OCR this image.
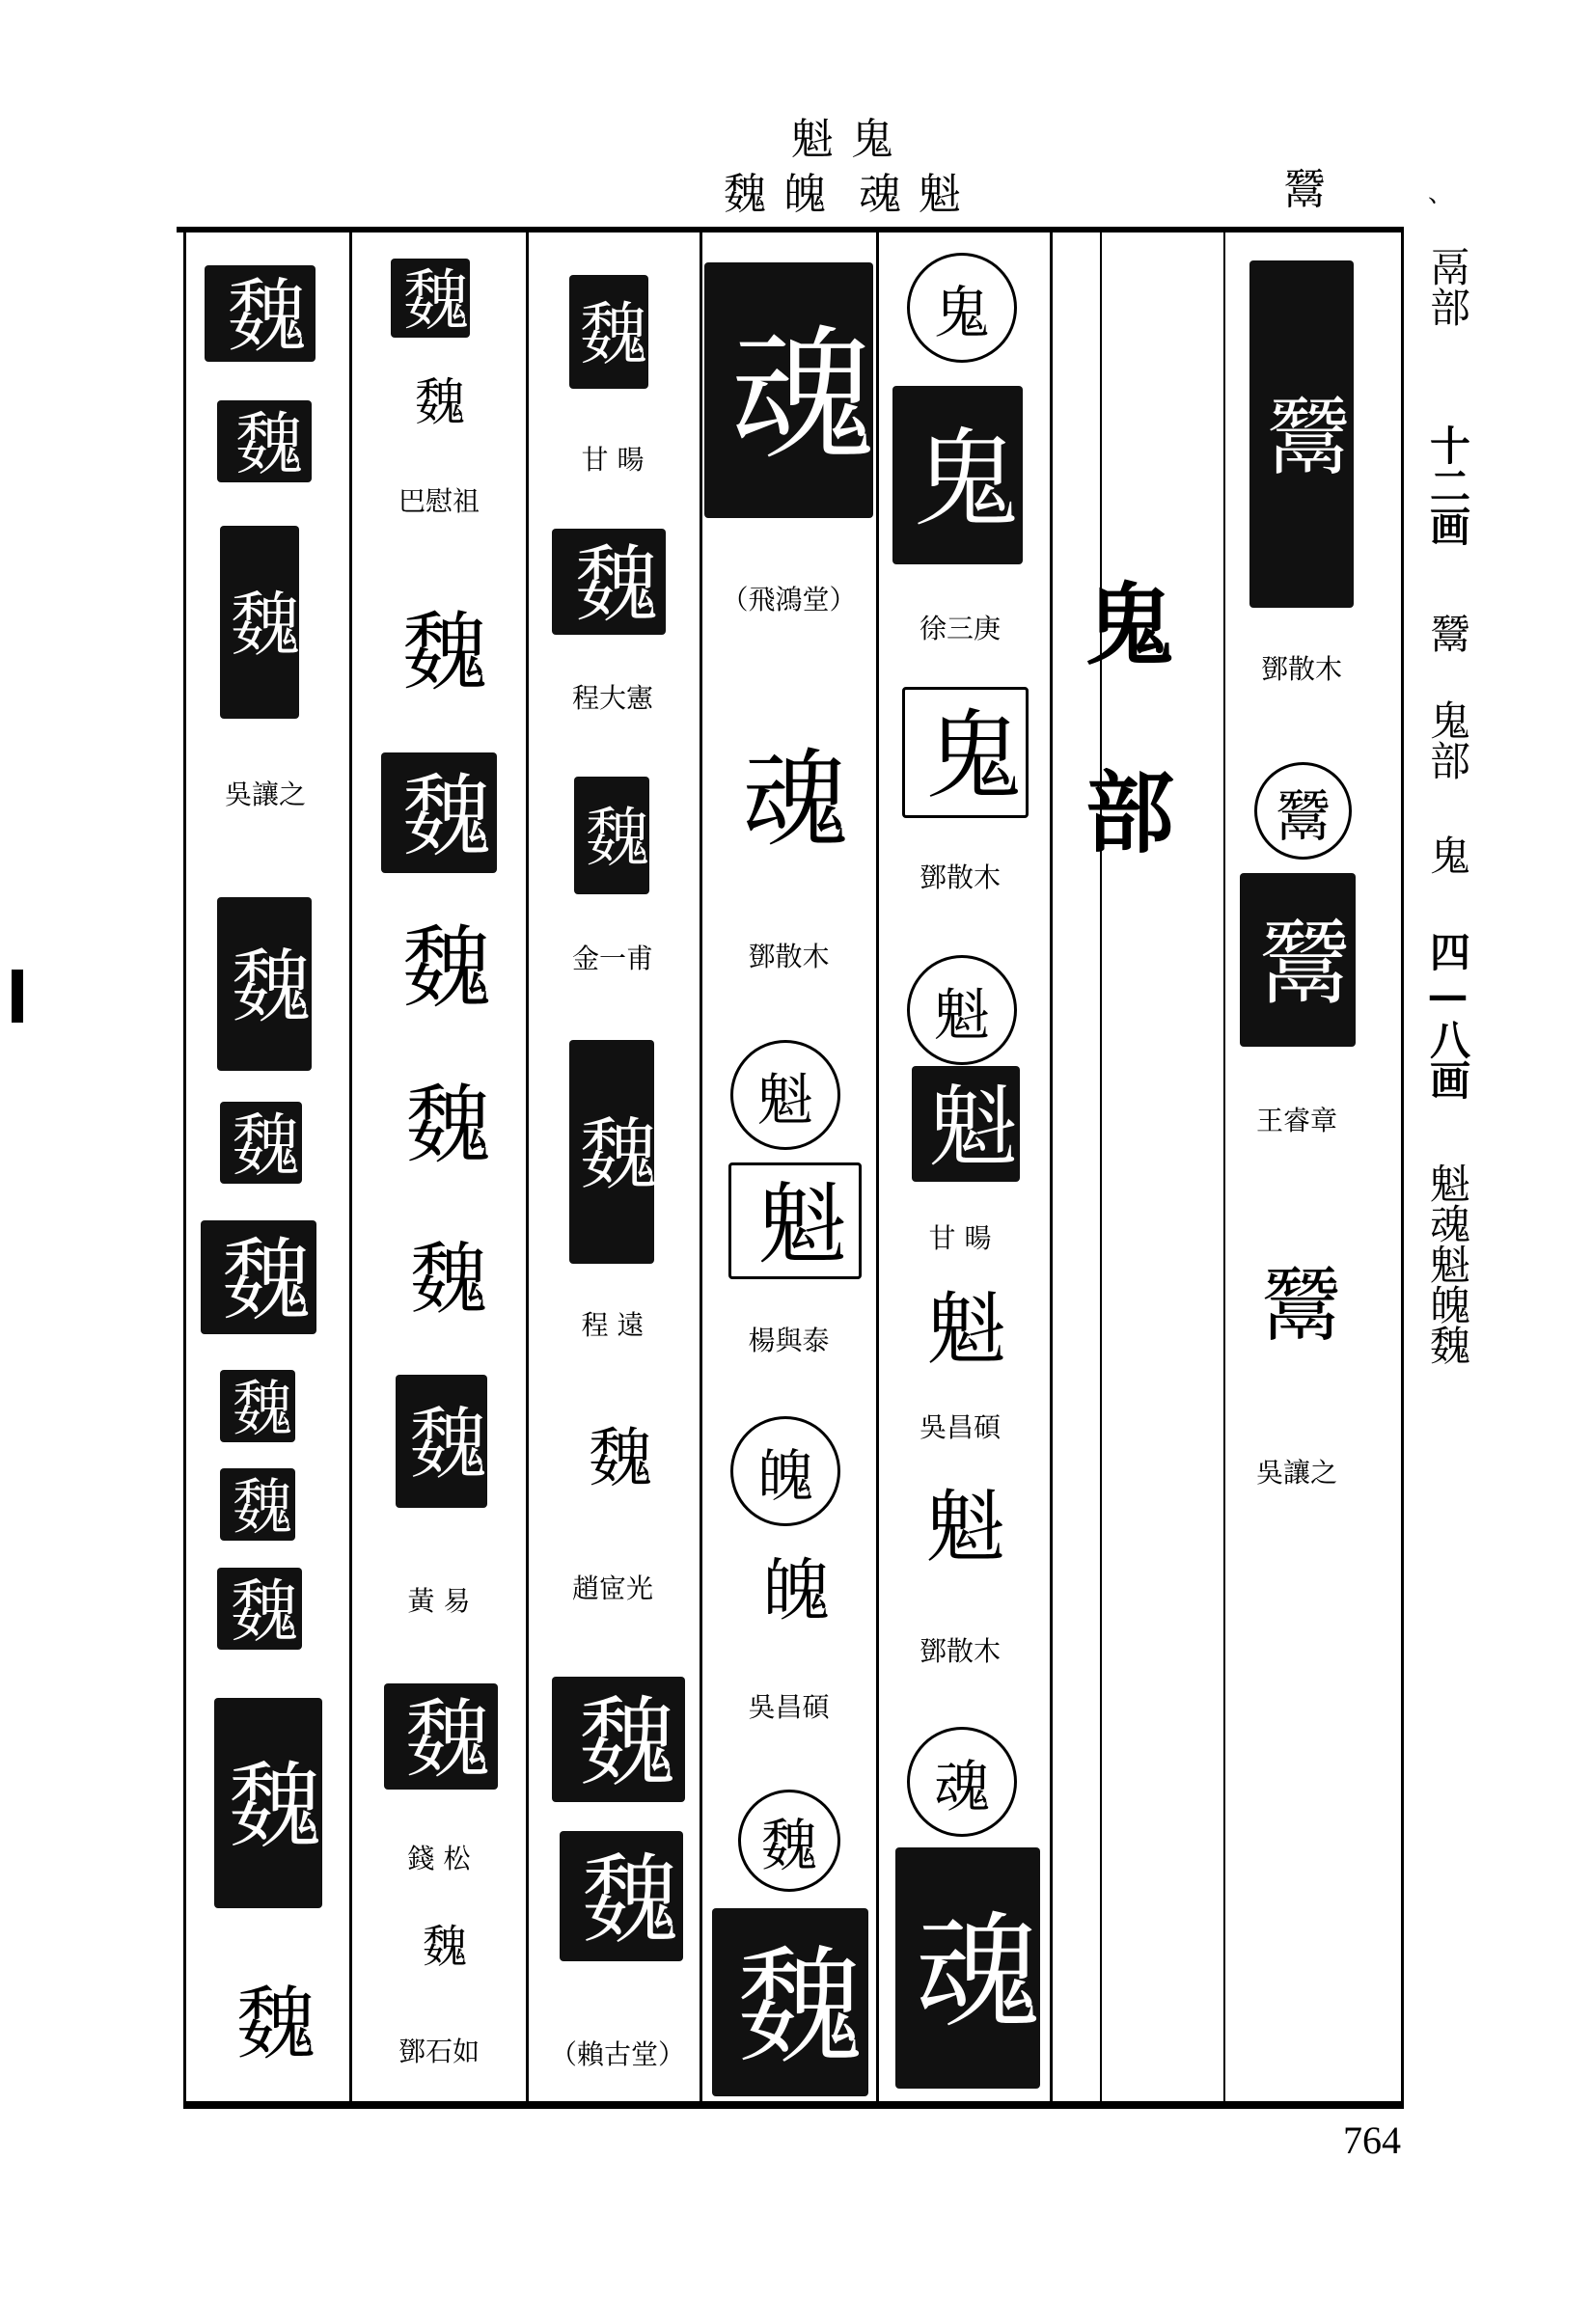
魁 鬼
魏 魄  魂 魁	鬵	、
鬲部
十二画
鬵
鬼部
鬼
四—八画
魁魂魁魄魏
764
鬼
部
鬵
鄧散木
鬵
鬵
王睿章
鬵
吳讓之
鬼
鬼
徐三庚
鬼
鄧散木
魁
魁
甘 暘
魁
吳昌碩
魁
鄧散木
魂
魂
魂
（飛鴻堂）
魂
鄧散木
魁
魁
楊與泰
魄
魄
吳昌碩
魏
魏
魏
甘 暘
魏
程大憲
魏
金一甫
魏
程 遠
魏
趙宧光
魏
魏
（賴古堂）
魏
魏
巴慰祖
魏
魏
魏
魏
魏
魏
黃 易
魏
錢 松
魏
鄧石如
魏
魏
魏
吳讓之
魏
魏
魏
魏
魏
魏
魏
魏
